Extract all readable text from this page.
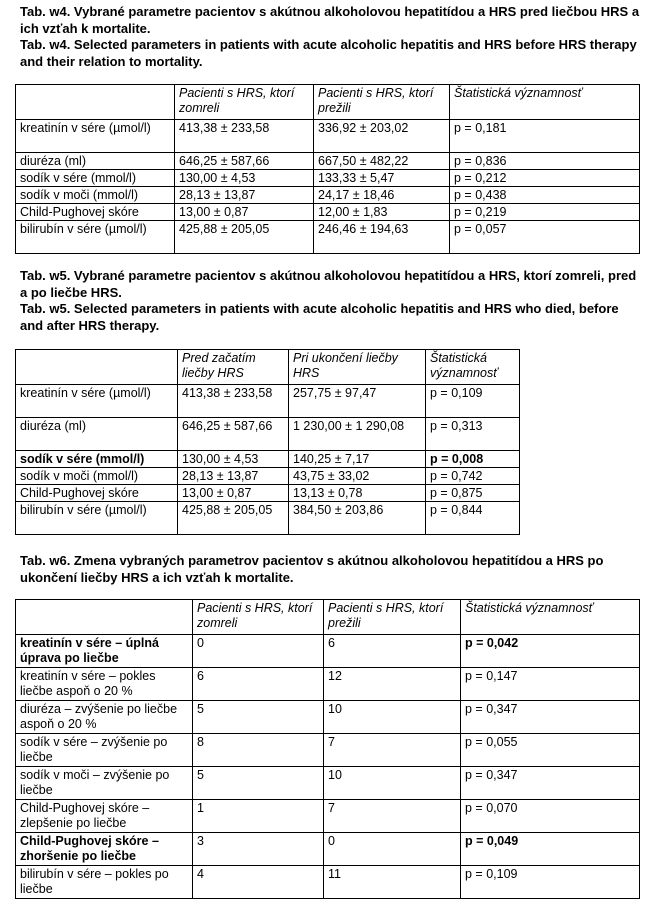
Tab. w4. Vybrané parametre pacientov s akútnou alkoholovou hepatitídou a HRS pred liečbou HRS a ich vzťah k mortalite.

Tab. w4. Selected parameters in patients with acute alcoholic hepatitis and HRS before HRS therapy and their relation to mortality.

	Pacienti s HRS, ktorí zomreli	Pacienti s HRS, ktorí prežili	Štatistická významnosť
kreatinín v sére (µmol/l)	413,38 ± 233,58	336,92 ± 203,02	p = 0,181
diuréza (ml)	646,25 ± 587,66	667,50 ± 482,22	p = 0,836
sodík v sére (mmol/l)	130,00 ± 4,53	133,33 ± 5,47	p = 0,212
sodík v moči (mmol/l)	28,13 ± 13,87	24,17 ± 18,46	p = 0,438
Child-Pughovej skóre	13,00 ± 0,87	12,00 ± 1,83	p = 0,219
bilirubín v sére (µmol/l)	425,88 ± 205,05	246,46 ± 194,63	p = 0,057

Tab. w5. Vybrané parametre pacientov s akútnou alkoholovou hepatitídou a HRS, ktorí zomreli, pred a po liečbe HRS.

Tab. w5. Selected parameters in patients with acute alcoholic hepatitis and HRS who died, before and after HRS therapy.

	Pred začatím liečby HRS	Pri ukončení liečby HRS	Štatistická významnosť
kreatinín v sére (µmol/l)	413,38 ± 233,58	257,75 ± 97,47	p = 0,109
diuréza (ml)	646,25 ± 587,66	1 230,00 ± 1 290,08	p = 0,313
sodík v sére (mmol/l)	130,00 ± 4,53	140,25 ± 7,17	p = 0,008
sodík v moči (mmol/l)	28,13 ± 13,87	43,75 ± 33,02	p = 0,742
Child-Pughovej skóre	13,00 ± 0,87	13,13 ± 0,78	p = 0,875
bilirubín v sére (µmol/l)	425,88 ± 205,05	384,50 ± 203,86	p = 0,844

Tab. w6. Zmena vybraných parametrov pacientov s akútnou alkoholovou hepatitídou a HRS po ukončení liečby HRS a ich vzťah k mortalite.

	Pacienti s HRS, ktorí zomreli	Pacienti s HRS, ktorí prežili	Štatistická významnosť
kreatinín v sére – úplná úprava po liečbe	0	6	p = 0,042
kreatinín v sére – pokles liečbe aspoň o 20 %	6	12	p = 0,147
diuréza – zvýšenie po liečbe aspoň o 20 %	5	10	p = 0,347
sodík v sére – zvýšenie po liečbe	8	7	p = 0,055
sodík v moči – zvýšenie po liečbe	5	10	p = 0,347
Child-Pughovej skóre – zlepšenie po liečbe	1	7	p = 0,070
Child-Pughovej skóre – zhoršenie po liečbe	3	0	p = 0,049
bilirubín v sére – pokles po liečbe	4	11	p = 0,109
